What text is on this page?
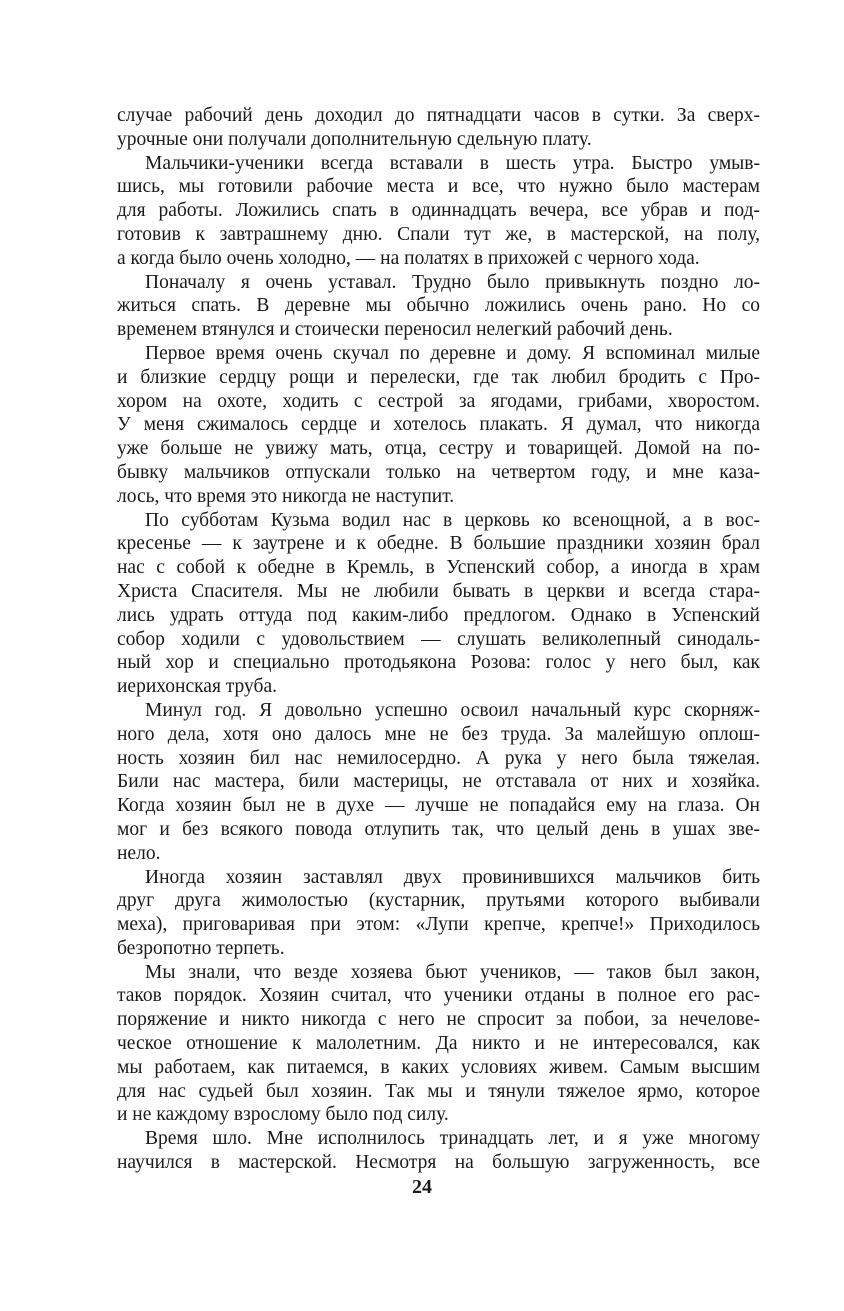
случае рабочий день доходил до пятнадцати часов в сутки. За сверх-
урочные они получали дополнительную сдельную плату.
Мальчики-ученики всегда вставали в шесть утра. Быстро умыв-
шись, мы готовили рабочие места и все, что нужно было мастерам
для работы. Ложились спать в одиннадцать вечера, все убрав и под-
готовив к завтрашнему дню. Спали тут же, в мастерской, на полу,
а когда было очень холодно, — на полатях в прихожей с черного хода.
Поначалу я очень уставал. Трудно было привыкнуть поздно ло-
житься спать. В деревне мы обычно ложились очень рано. Но со
временем втянулся и стоически переносил нелегкий рабочий день.
Первое время очень скучал по деревне и дому. Я вспоминал милые
и близкие сердцу рощи и перелески, где так любил бродить с Про-
хором на охоте, ходить с сестрой за ягодами, грибами, хворостом.
У меня сжималось сердце и хотелось плакать. Я думал, что никогда
уже больше не увижу мать, отца, сестру и товарищей. Домой на по-
бывку мальчиков отпускали только на четвертом году, и мне каза-
лось, что время это никогда не наступит.
По субботам Кузьма водил нас в церковь ко всенощной, а в вос-
кресенье — к заутрене и к обедне. В большие праздники хозяин брал
нас с собой к обедне в Кремль, в Успенский собор, а иногда в храм
Христа Спасителя. Мы не любили бывать в церкви и всегда стара-
лись удрать оттуда под каким-либо предлогом. Однако в Успенский
собор ходили с удовольствием — слушать великолепный синодаль-
ный хор и специально протодьякона Розова: голос у него был, как
иерихонская труба.
Минул год. Я довольно успешно освоил начальный курс скорняж-
ного дела, хотя оно далось мне не без труда. За малейшую оплош-
ность хозяин бил нас немилосердно. А рука у него была тяжелая.
Били нас мастера, били мастерицы, не отставала от них и хозяйка.
Когда хозяин был не в духе — лучше не попадайся ему на глаза. Он
мог и без всякого повода отлупить так, что целый день в ушах зве-
нело.
Иногда хозяин заставлял двух провинившихся мальчиков бить
друг друга жимолостью (кустарник, прутьями которого выбивали
меха), приговаривая при этом: «Лупи крепче, крепче!» Приходилось
безропотно терпеть.
Мы знали, что везде хозяева бьют учеников, — таков был закон,
таков порядок. Хозяин считал, что ученики отданы в полное его рас-
поряжение и никто никогда с него не спросит за побои, за нечелове-
ческое отношение к малолетним. Да никто и не интересовался, как
мы работаем, как питаемся, в каких условиях живем. Самым высшим
для нас судьей был хозяин. Так мы и тянули тяжелое ярмо, которое
и не каждому взрослому было под силу.
Время шло. Мне исполнилось тринадцать лет, и я уже многому
научился в мастерской. Несмотря на большую загруженность, все
24
